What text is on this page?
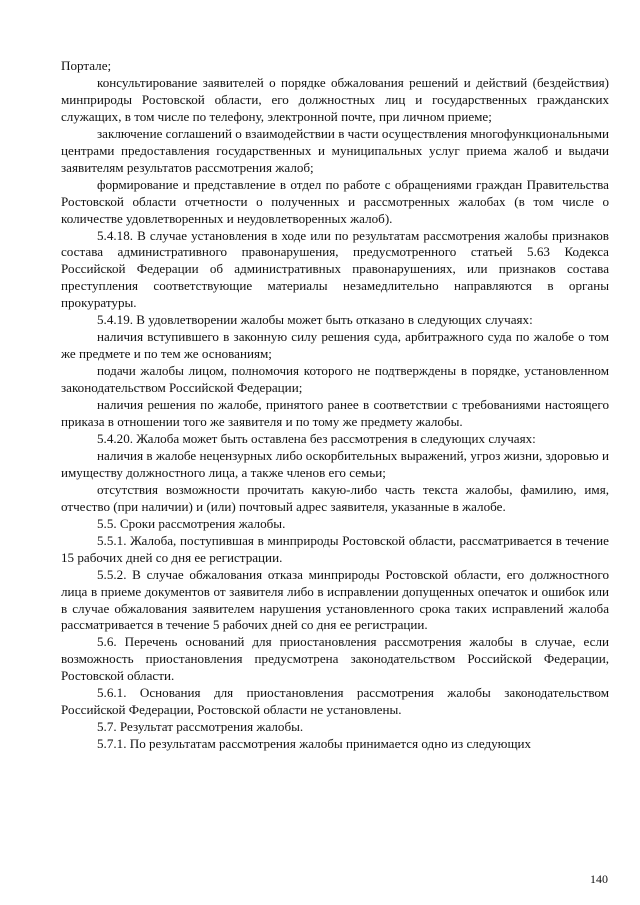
Портале;

консультирование заявителей о порядке обжалования решений и действий (бездействия) минприроды Ростовской области, его должностных лиц и государственных гражданских служащих, в том числе по телефону, электронной почте, при личном приеме;

заключение соглашений о взаимодействии в части осуществления многофункциональными центрами предоставления государственных и муниципальных услуг приема жалоб и выдачи заявителям результатов рассмотрения жалоб;

формирование и представление в отдел по работе с обращениями граждан Правительства Ростовской области отчетности о полученных и рассмотренных жалобах (в том числе о количестве удовлетворенных и неудовлетворенных жалоб).

5.4.18. В случае установления в ходе или по результатам рассмотрения жалобы признаков состава административного правонарушения, предусмотренного статьей 5.63 Кодекса Российской Федерации об административных правонарушениях, или признаков состава преступления соответствующие материалы незамедлительно направляются в органы прокуратуры.

5.4.19. В удовлетворении жалобы может быть отказано в следующих случаях:

наличия вступившего в законную силу решения суда, арбитражного суда по жалобе о том же предмете и по тем же основаниям;

подачи жалобы лицом, полномочия которого не подтверждены в порядке, установленном законодательством Российской Федерации;

наличия решения по жалобе, принятого ранее в соответствии с требованиями настоящего приказа в отношении того же заявителя и по тому же предмету жалобы.

5.4.20. Жалоба может быть оставлена без рассмотрения в следующих случаях:

наличия в жалобе нецензурных либо оскорбительных выражений, угроз жизни, здоровью и имуществу должностного лица, а также членов его семьи;

отсутствия возможности прочитать какую-либо часть текста жалобы, фамилию, имя, отчество (при наличии) и (или) почтовый адрес заявителя, указанные в жалобе.

5.5. Сроки рассмотрения жалобы.

5.5.1. Жалоба, поступившая в минприроды Ростовской области, рассматривается в течение 15 рабочих дней со дня ее регистрации.

5.5.2. В случае обжалования отказа минприроды Ростовской области, его должностного лица в приеме документов от заявителя либо в исправлении допущенных опечаток и ошибок или в случае обжалования заявителем нарушения установленного срока таких исправлений жалоба рассматривается в течение 5 рабочих дней со дня ее регистрации.

5.6. Перечень оснований для приостановления рассмотрения жалобы в случае, если возможность приостановления предусмотрена законодательством Российской Федерации, Ростовской области.

5.6.1. Основания для приостановления рассмотрения жалобы законодательством Российской Федерации, Ростовской области не установлены.

5.7. Результат рассмотрения жалобы.

5.7.1. По результатам рассмотрения жалобы принимается одно из следующих

140
